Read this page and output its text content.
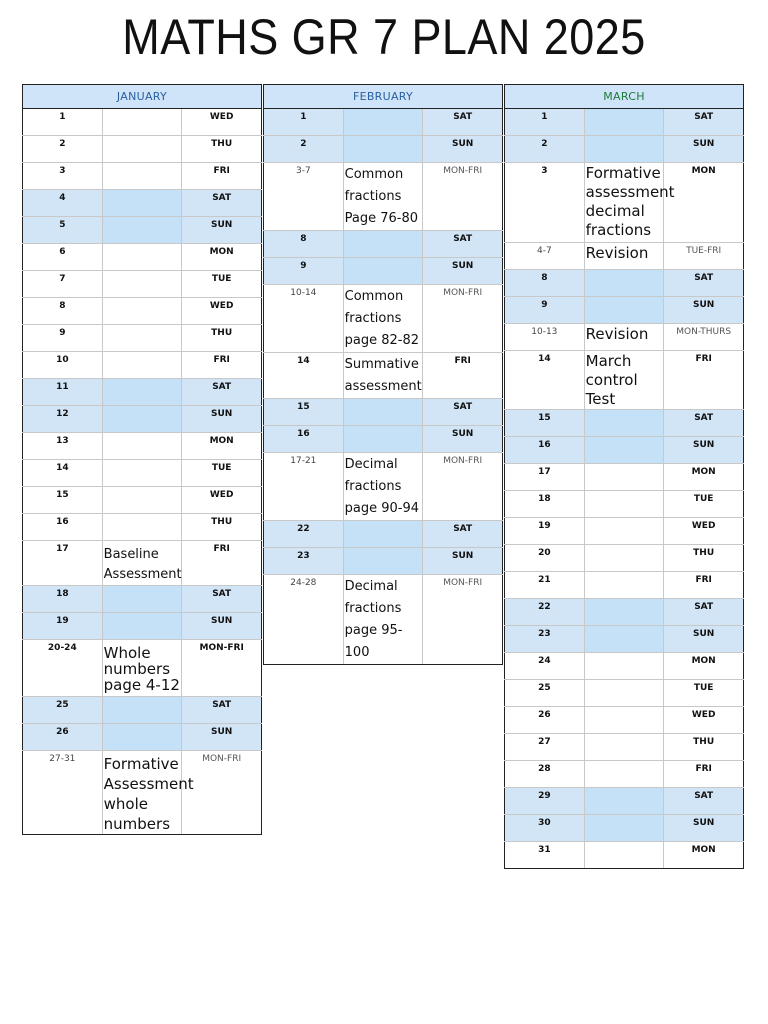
MATHS GR 7 PLAN 2025
JANUARY		
1		WED
2		THU
3		FRI
4		SAT
5		SUN
6		MON
7		TUE
8		WED
9		THU
10		FRI
11		SAT
12		SUN
13		MON
14		TUE
15		WED
16		THU
17	Baseline Assessment	FRI
18		SAT
19		SUN
20-24	Whole numbers page 4-12	MON-FRI
25		SAT
26		SUN
27-31	Formative Assessment whole numbers	MON-FRI
FEBRUARY		
1		SAT
2		SUN
3-7	Common fractions Page 76-80	MON-FRI
8		SAT
9		SUN
10-14	Common fractions page 82-82	MON-FRI
14	Summative assessment	FRI
15		SAT
16		SUN
17-21	Decimal fractions page 90-94	MON-FRI
22		SAT
23		SUN
24-28	Decimal fractions page 95-100	MON-FRI
MARCH		
1		SAT
2		SUN
3	Formative assessment decimal fractions	MON
4-7	Revision	TUE-FRI
8		SAT
9		SUN
10-13	Revision	MON-THURS
14	March control Test	FRI
15		SAT
16		SUN
17		MON
18		TUE
19		WED
20		THU
21		FRI
22		SAT
23		SUN
24		MON
25		TUE
26		WED
27		THU
28		FRI
29		SAT
30		SUN
31		MON
